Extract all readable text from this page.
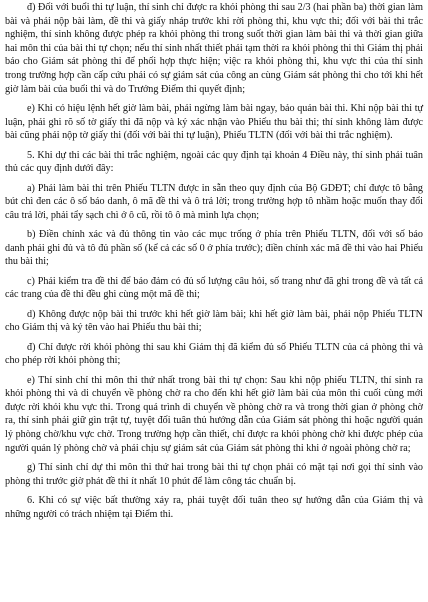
đ) Đối với buổi thi tự luận, thí sinh chỉ được ra khỏi phòng thi sau 2/3 (hai phần ba) thời gian làm bài và phải nộp bài làm, đề thi và giấy nháp trước khi rời phòng thi, khu vực thi; đối với bài thi trắc nghiệm, thí sinh không được phép ra khỏi phòng thi trong suốt thời gian làm bài thi và thời gian giữa hai môn thi của bài thi tự chọn; nếu thí sinh nhất thiết phải tạm thời ra khỏi phòng thi thì Giám thị phải báo cho Giám sát phòng thi để phối hợp thực hiện; việc ra khỏi phòng thi, khu vực thi của thí sinh trong trường hợp cần cấp cứu phải có sự giám sát của công an cùng Giám sát phòng thi cho tới khi hết giờ làm bài của buổi thi và do Trưởng Điểm thi quyết định;

e) Khi có hiệu lệnh hết giờ làm bài, phải ngừng làm bài ngay, bảo quản bài thi. Khi nộp bài thi tự luận, phải ghi rõ số tờ giấy thi đã nộp và ký xác nhận vào Phiếu thu bài thi; thí sinh không làm được bài cũng phải nộp tờ giấy thi (đối với bài thi tự luận), Phiếu TLTN (đối với bài thi trắc nghiệm).

5. Khi dự thi các bài thi trắc nghiệm, ngoài các quy định tại khoản 4 Điều này, thí sinh phải tuân thủ các quy định dưới đây:

a) Phải làm bài thi trên Phiếu TLTN được in sẵn theo quy định của Bộ GDĐT; chỉ được tô bằng bút chì đen các ô số báo danh, ô mã đề thi và ô trả lời; trong trường hợp tô nhầm hoặc muốn thay đổi câu trả lời, phải tẩy sạch chì ở ô cũ, rồi tô ô mà mình lựa chọn;

b) Điền chính xác và đủ thông tin vào các mục trống ở phía trên Phiếu TLTN, đối với số báo danh phải ghi đủ và tô đủ phần số (kể cả các số 0 ở phía trước); điền chính xác mã đề thi vào hai Phiếu thu bài thi;

c) Phải kiểm tra đề thi để bảo đảm có đủ số lượng câu hỏi, số trang như đã ghi trong đề và tất cả các trang của đề thi đều ghi cùng một mã đề thi;

d) Không được nộp bài thi trước khi hết giờ làm bài; khi hết giờ làm bài, phải nộp Phiếu TLTN cho Giám thị và ký tên vào hai Phiếu thu bài thi;

đ) Chỉ được rời khỏi phòng thi sau khi Giám thị đã kiểm đủ số Phiếu TLTN của cả phòng thi và cho phép rời khỏi phòng thi;

e) Thí sinh chỉ thi môn thi thứ nhất trong bài thi tự chọn: Sau khi nộp phiếu TLTN, thí sinh ra khỏi phòng thi và di chuyển về phòng chờ ra cho đến khi hết giờ làm bài của môn thi cuối cùng mới được rời khỏi khu vực thi. Trong quá trình di chuyển về phòng chờ ra và trong thời gian ở phòng chờ ra, thí sinh phải giữ gìn trật tự, tuyệt đối tuân thủ hướng dẫn của Giám sát phòng thi hoặc người quản lý phòng chờ/khu vực chờ. Trong trường hợp cần thiết, chỉ được ra khỏi phòng chờ khi được phép của người quản lý phòng chờ và phải chịu sự giám sát của Giám sát phòng thi khi ở ngoài phòng chờ ra;

g) Thí sinh chỉ dự thi môn thi thứ hai trong bài thi tự chọn phải có mặt tại nơi gọi thí sinh vào phòng thi trước giờ phát đề thi ít nhất 10 phút để làm công tác chuẩn bị.

6. Khi có sự việc bất thường xảy ra, phải tuyệt đối tuân theo sự hướng dẫn của Giám thị và những người có trách nhiệm tại Điểm thi.
